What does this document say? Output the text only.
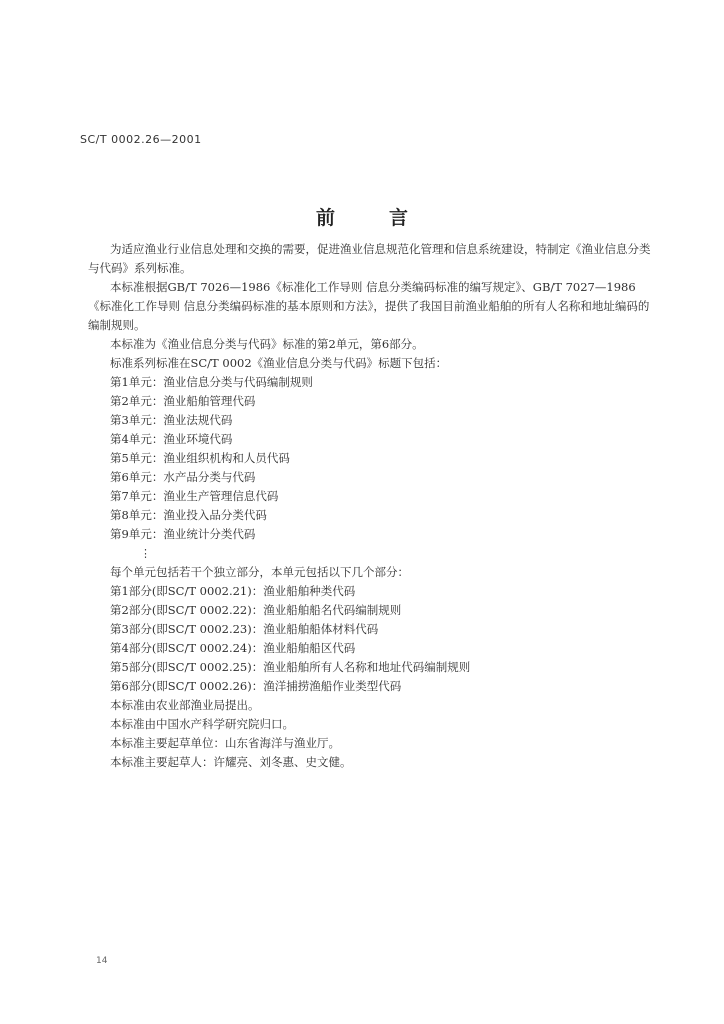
SC/T 0002.26—2001
前言

为适应渔业行业信息处理和交换的需要，促进渔业信息规范化管理和信息系统建设，特制定《渔业信息分类与代码》系列标准。

本标准根据GB/T 7026—1986《标准化工作导则 信息分类编码标准的编写规定》、GB/T 7027—1986《标准化工作导则 信息分类编码标准的基本原则和方法》，提供了我国目前渔业船舶的所有人名称和地址编码的编制规则。

本标准为《渔业信息分类与代码》标准的第2单元，第6部分。

标准系列标准在SC/T 0002《渔业信息分类与代码》标题下包括：

第1单元：渔业信息分类与代码编制规则

第2单元：渔业船舶管理代码

第3单元：渔业法规代码

第4单元：渔业环境代码

第5单元：渔业组织机构和人员代码

第6单元：水产品分类与代码

第7单元：渔业生产管理信息代码

第8单元：渔业投入品分类代码

第9单元：渔业统计分类代码

⋮

每个单元包括若干个独立部分，本单元包括以下几个部分：

第1部分(即SC/T 0002.21)：渔业船舶种类代码

第2部分(即SC/T 0002.22)：渔业船舶船名代码编制规则

第3部分(即SC/T 0002.23)：渔业船舶船体材料代码

第4部分(即SC/T 0002.24)：渔业船舶船区代码

第5部分(即SC/T 0002.25)：渔业船舶所有人名称和地址代码编制规则

第6部分(即SC/T 0002.26)：渔洋捕捞渔船作业类型代码

本标准由农业部渔业局提出。

本标准由中国水产科学研究院归口。

本标准主要起草单位：山东省海洋与渔业厅。

本标准主要起草人：许耀亮、刘冬惠、史文健。

14
